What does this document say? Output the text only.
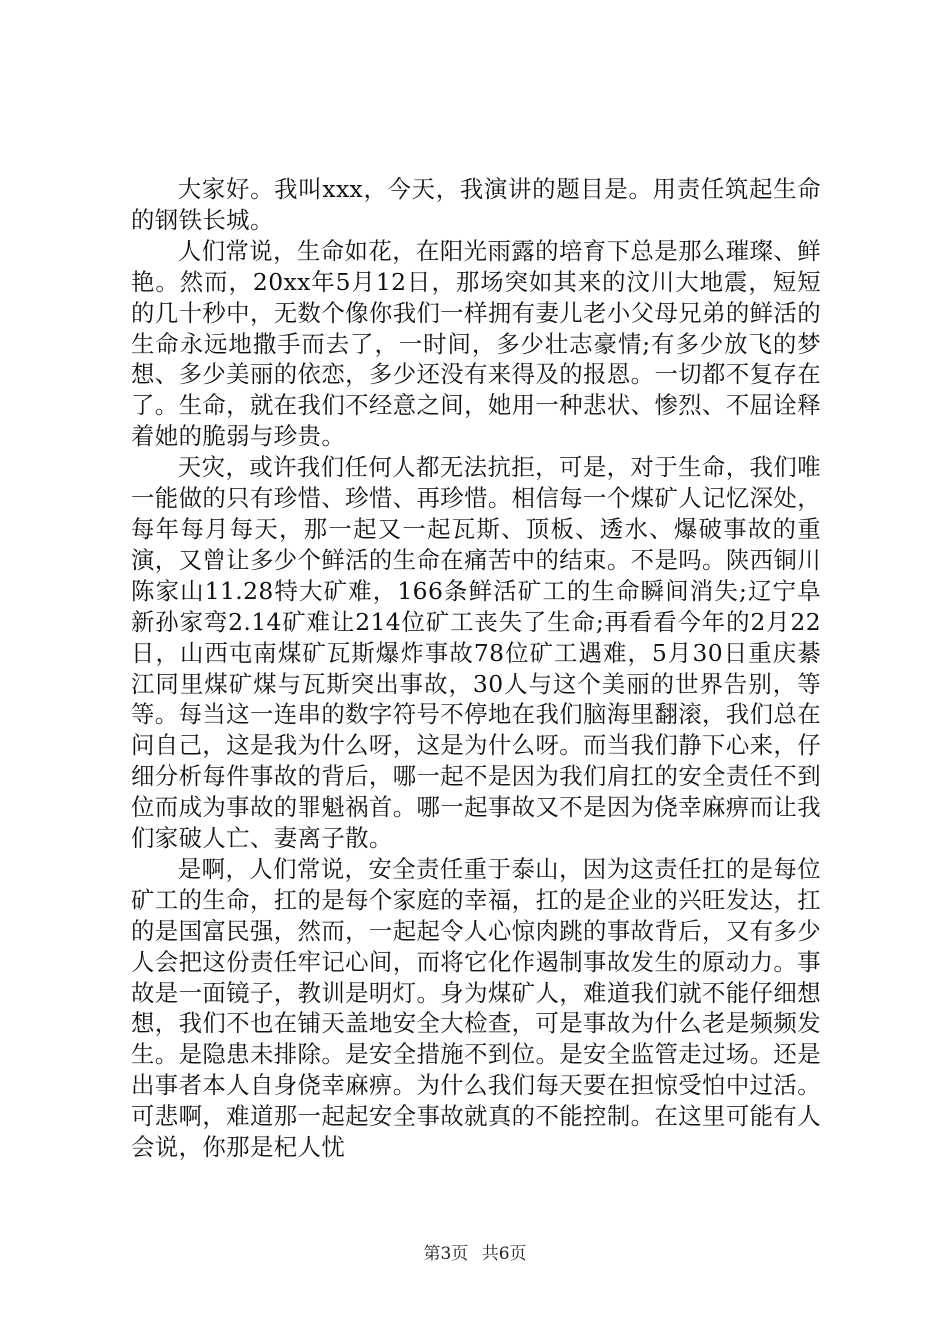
大家好。我叫xxx，今天，我演讲的题目是。用责任筑起生命的钢铁长城。

人们常说，生命如花，在阳光雨露的培育下总是那么璀璨、鲜艳。然而，20xx年5月12日，那场突如其来的汶川大地震，短短的几十秒中，无数个像你我们一样拥有妻儿老小父母兄弟的鲜活的生命永远地撒手而去了，一时间，多少壮志豪情;有多少放飞的梦想、多少美丽的依恋，多少还没有来得及的报恩。一切都不复存在了。生命，就在我们不经意之间，她用一种悲状、惨烈、不屈诠释着她的脆弱与珍贵。

天灾，或许我们任何人都无法抗拒，可是，对于生命，我们唯一能做的只有珍惜、珍惜、再珍惜。相信每一个煤矿人记忆深处，每年每月每天，那一起又一起瓦斯、顶板、透水、爆破事故的重演，又曾让多少个鲜活的生命在痛苦中的结束。不是吗。陕西铜川陈家山11.28特大矿难，166条鲜活矿工的生命瞬间消失;辽宁阜新孙家弯2.14矿难让214位矿工丧失了生命;再看看今年的2月22日，山西屯南煤矿瓦斯爆炸事故78位矿工遇难，5月30日重庆綦江同里煤矿煤与瓦斯突出事故，30人与这个美丽的世界告别，等等。每当这一连串的数字符号不停地在我们脑海里翻滚，我们总在问自己，这是我为什么呀，这是为什么呀。而当我们静下心来，仔细分析每件事故的背后，哪一起不是因为我们肩扛的安全责任不到位而成为事故的罪魁祸首。哪一起事故又不是因为侥幸麻痹而让我们家破人亡、妻离子散。

是啊，人们常说，安全责任重于泰山，因为这责任扛的是每位矿工的生命，扛的是每个家庭的幸福，扛的是企业的兴旺发达，扛的是国富民强，然而，一起起令人心惊肉跳的事故背后，又有多少人会把这份责任牢记心间，而将它化作遏制事故发生的原动力。事故是一面镜子，教训是明灯。身为煤矿人，难道我们就不能仔细想想，我们不也在铺天盖地安全大检查，可是事故为什么老是频频发生。是隐患未排除。是安全措施不到位。是安全监管走过场。还是出事者本人自身侥幸麻痹。为什么我们每天要在担惊受怕中过活。可悲啊，难道那一起起安全事故就真的不能控制。在这里可能有人会说，你那是杞人忧

第3页 共6页
